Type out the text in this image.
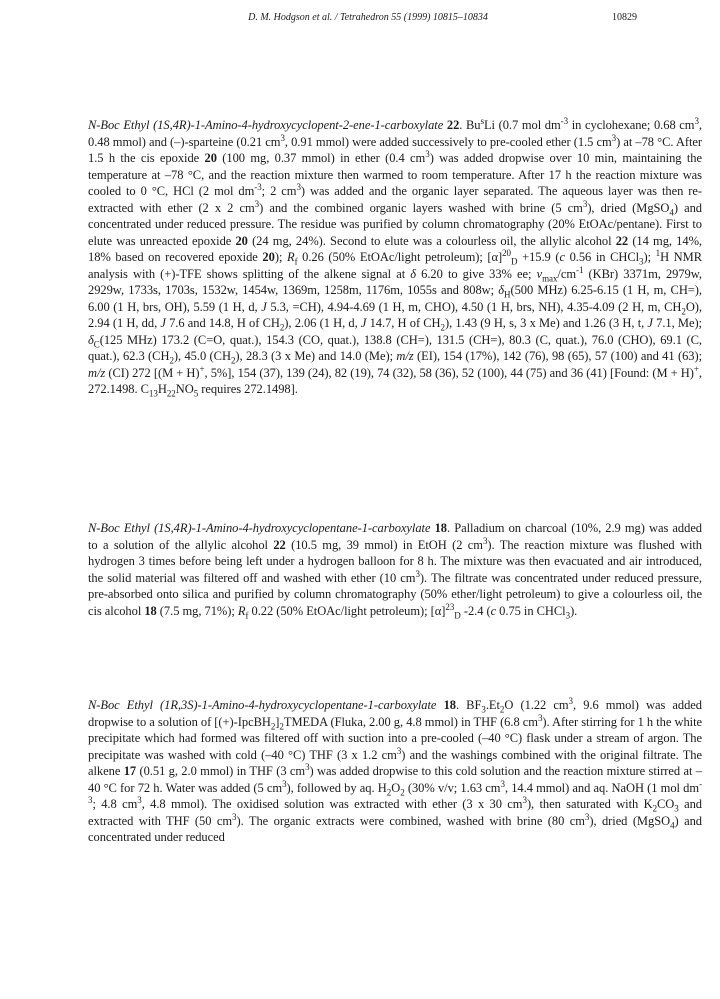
D. M. Hodgson et al. / Tetrahedron 55 (1999) 10815–10834	10829

N-Boc Ethyl (1S,4R)-1-Amino-4-hydroxycyclopent-2-ene-1-carboxylate 22. Bu$^s$Li (0.7 mol $dm^{-3}$ in cyclohexane; 0.68 $cm^3$, 0.48 mmol) and (–)-sparteine (0.21 $cm^3$, 0.91 mmol) were added successively to pre-cooled ether (1.5 $cm^3$) at –78 °C. After 1.5 h the cis epoxide 20 (100 mg, 0.37 mmol) in ether (0.4 $cm^3$) was added dropwise over 10 min, maintaining the temperature at –78 °C, and the reaction mixture then warmed to room temperature. After 17 h the reaction mixture was cooled to 0 °C, HCl (2 mol $dm^{-3}$; 2 $cm^3$) was added and the organic layer separated. The aqueous layer was then re-extracted with ether (2 x 2 $cm^3$) and the combined organic layers washed with brine (5 $cm^3$), dried (MgSO$_4$) and concentrated under reduced pressure. The residue was purified by column chromatography (20% EtOAc/pentane). First to elute was unreacted epoxide 20 (24 mg, 24%). Second to elute was a colourless oil, the allylic alcohol 22 (14 mg, 14%, 18% based on recovered epoxide 20); $R_f$ 0.26 (50% EtOAc/light petroleum); $[\alpha]^{20}_D +15.9$ (c 0.56 in CHCl$_3$); $^1$H NMR analysis with (+)-TFE shows splitting of the alkene signal at δ 6.20 to give 33% ee; $\nu_{max}/cm^{-1}$ (KBr) 3371m, 2979w, 2929w, 1733s, 1703s, 1532w, 1454w, 1369m, 1258m, 1176m, 1055s and 808w; $\delta_H(500$ MHz) 6.25-6.15 (1 H, m, CH=), 6.00 (1 H, brs, OH), 5.59 (1 H, d, J 5.3, =CH), 4.94-4.69 (1 H, m, CHO), 4.50 (1 H, brs, NH), 4.35-4.09 (2 H, m, $CH_2O$), 2.94 (1 H, dd, J 7.6 and 14.8, H of $CH_2$), 2.06 (1 H, d, J 14.7, H of $CH_2$), 1.43 (9 H, s, 3 x Me) and 1.26 (3 H, t, J 7.1, Me); $\delta_C(125$ MHz) 173.2 (C=O, quat.), 154.3 (CO, quat.), 138.8 (CH=), 131.5 (CH=), 80.3 (C, quat.), 76.0 (CHO), 69.1 (C, quat.), 62.3 $(CH_2)$, 45.0 $(CH_2)$, 28.3 (3 x Me) and 14.0 (Me); m/z (EI), 154 (17%), 142 (76), 98 (65), 57 (100) and 41 (63); m/z (CI) 272 [(M + H)+, 5%], 154 (37), 139 (24), 82 (19), 74 (32), 58 (36), 52 (100), 44 (75) and 36 (41) [Found: (M + H)+, 272.1498. $C_{13}H_{22}NO_5$ requires 272.1498].

N-Boc Ethyl (1S,4R)-1-Amino-4-hydroxycyclopentane-1-carboxylate 18. Palladium on charcoal (10%, 2.9 mg) was added to a solution of the allylic alcohol 22 (10.5 mg, 39 mmol) in EtOH (2 $cm^3$). The reaction mixture was flushed with hydrogen 3 times before being left under a hydrogen balloon for 8 h. The mixture was then evacuated and air introduced, the solid material was filtered off and washed with ether (10 $cm^3$). The filtrate was concentrated under reduced pressure, pre-absorbed onto silica and purified by column chromatography (50% ether/light petroleum) to give a colourless oil, the cis alcohol 18 (7.5 mg, 71%); $R_f$ 0.22 (50% EtOAc/light petroleum); $[\alpha]^{23}_D$ -2.4 (c 0.75 in CHCl$_3$).

N-Boc Ethyl (1R,3S)-1-Amino-4-hydroxycyclopentane-1-carboxylate 18. $BF_3.Et_2O$ (1.22 $cm^3$, 9.6 mmol) was added dropwise to a solution of $[(+)-IpcBH_2]_2TMEDA$ (Fluka, 2.00 g, 4.8 mmol) in THF (6.8 $cm^3$). After stirring for 1 h the white precipitate which had formed was filtered off with suction into a pre-cooled (–40 °C) flask under a stream of argon. The precipitate was washed with cold (–40 °C) THF (3 x 1.2 $cm^3$) and the washings combined with the original filtrate. The alkene 17 (0.51 g, 2.0 mmol) in THF (3 $cm^3$) was added dropwise to this cold solution and the reaction mixture stirred at –40 °C for 72 h. Water was added (5 $cm^3$), followed by aq. $H_2O_2$ (30% v/v; 1.63 $cm^3$, 14.4 mmol) and aq. NaOH (1 mol $dm^{-3}$; 4.8 $cm^3$, 4.8 mmol). The oxidised solution was extracted with ether (3 x 30 $cm^3$), then saturated with $K_2CO_3$ and extracted with THF (50 $cm^3$). The organic extracts were combined, washed with brine (80 $cm^3$), dried (MgSO$_4$) and concentrated under reduced
